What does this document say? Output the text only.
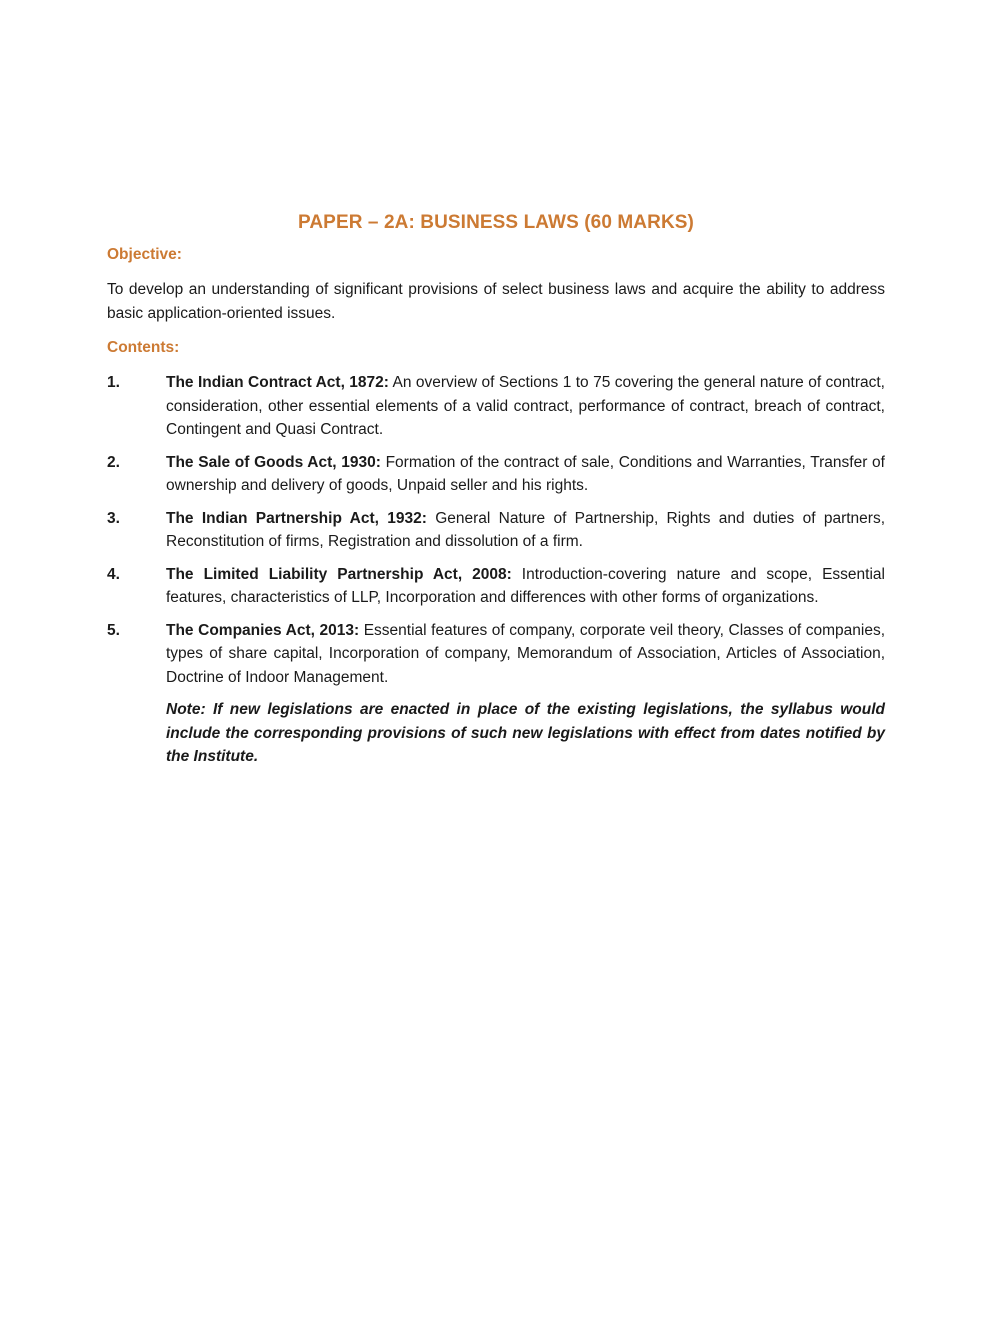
PAPER – 2A: BUSINESS LAWS (60 MARKS)

Objective:

To develop an understanding of significant provisions of select business laws and acquire the ability to address basic application-oriented issues.

Contents:

1.	The Indian Contract Act, 1872: An overview of Sections 1 to 75 covering the general nature of contract, consideration, other essential elements of a valid contract, performance of contract, breach of contract, Contingent and Quasi Contract.
2.	The Sale of Goods Act, 1930: Formation of the contract of sale, Conditions and Warranties, Transfer of ownership and delivery of goods, Unpaid seller and his rights.
3.	The Indian Partnership Act, 1932: General Nature of Partnership, Rights and duties of partners, Reconstitution of firms, Registration and dissolution of a firm.
4.	The Limited Liability Partnership Act, 2008: Introduction-covering nature and scope, Essential features, characteristics of LLP, Incorporation and differences with other forms of organizations.
5.	The Companies Act, 2013: Essential features of company, corporate veil theory, Classes of companies, types of share capital, Incorporation of company, Memorandum of Association, Articles of Association, Doctrine of Indoor Management.

Note: If new legislations are enacted in place of the existing legislations, the syllabus would include the corresponding provisions of such new legislations with effect from dates notified by the Institute.
